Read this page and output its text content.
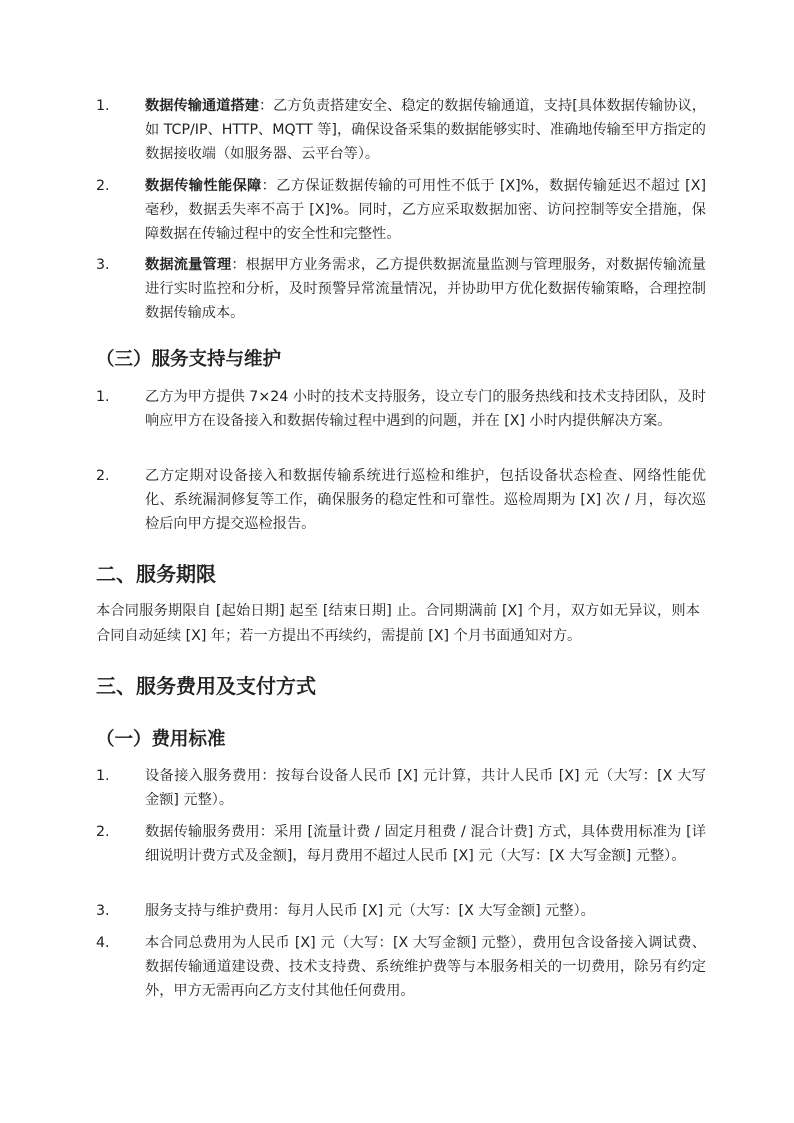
1.	数据传输通道搭建：乙方负责搭建安全、稳定的数据传输通道，支持[具体数据传输协议，如 TCP/IP、HTTP、MQTT 等]，确保设备采集的数据能够实时、准确地传输至甲方指定的数据接收端（如服务器、云平台等）。
2.	数据传输性能保障：乙方保证数据传输的可用性不低于 [X]%，数据传输延迟不超过 [X] 毫秒，数据丢失率不高于 [X]%。同时，乙方应采取数据加密、访问控制等安全措施，保障数据在传输过程中的安全性和完整性。
3.	数据流量管理：根据甲方业务需求，乙方提供数据流量监测与管理服务，对数据传输流量进行实时监控和分析，及时预警异常流量情况，并协助甲方优化数据传输策略，合理控制数据传输成本。
（三）服务支持与维护
1.	乙方为甲方提供 7×24 小时的技术支持服务，设立专门的服务热线和技术支持团队，及时响应甲方在设备接入和数据传输过程中遇到的问题，并在 [X] 小时内提供解决方案。
2.	乙方定期对设备接入和数据传输系统进行巡检和维护，包括设备状态检查、网络性能优化、系统漏洞修复等工作，确保服务的稳定性和可靠性。巡检周期为 [X] 次 / 月，每次巡检后向甲方提交巡检报告。
二、服务期限

本合同服务期限自 [起始日期] 起至 [结束日期] 止。合同期满前 [X] 个月，双方如无异议，则本合同自动延续 [X] 年；若一方提出不再续约，需提前 [X] 个月书面通知对方。

三、服务费用及支付方式
（一）费用标准
1.	设备接入服务费用：按每台设备人民币 [X] 元计算，共计人民币 [X] 元（大写：[X 大写金额] 元整）。
2.	数据传输服务费用：采用 [流量计费 / 固定月租费 / 混合计费] 方式，具体费用标准为 [详细说明计费方式及金额]，每月费用不超过人民币 [X] 元（大写：[X 大写金额] 元整）。
3.	服务支持与维护费用：每月人民币 [X] 元（大写：[X 大写金额] 元整）。
4.	本合同总费用为人民币 [X] 元（大写：[X 大写金额] 元整），费用包含设备接入调试费、数据传输通道建设费、技术支持费、系统维护费等与本服务相关的一切费用，除另有约定外，甲方无需再向乙方支付其他任何费用。
